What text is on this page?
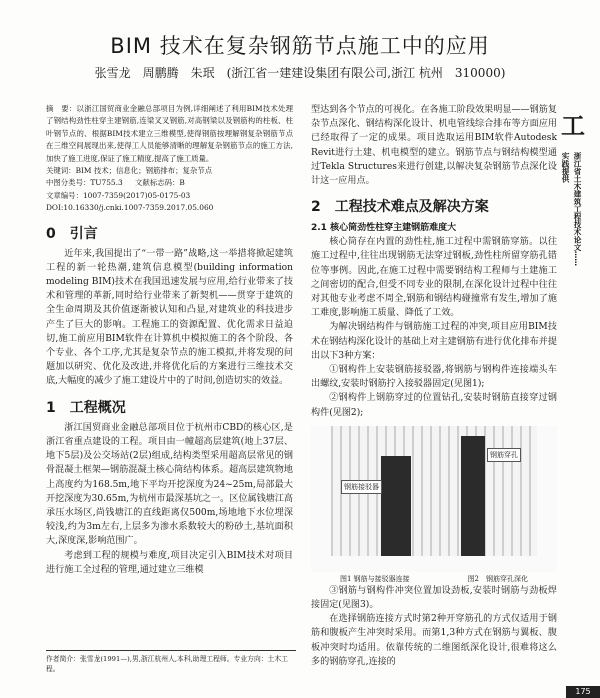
BIM 技术在复杂钢筋节点施工中的应用
张雪龙　周鹏腾　朱珉　(浙江省一建建设集团有限公司,浙江 杭州　310000)
摘　要：以浙江国贸商业金融总部项目为例,详细阐述了利用BIM技术处理了钢结构劲性柱穿主建钢筋,连梁叉叉钢筋,对高钢梁以及钢筋构的柱板、柱叶钢节点的、根据BIM技术建立三维模型,使得钢筋按理解钢复杂钢筋节点在三维空间展现出来,使得工人员能够清晰的理解复杂钢筋节点的施工方法,加快了施工进度,保证了施工精度,提高了施工质量。
关键词：BIM 技术；信息化；钢筋排布；复杂节点
中图分类号：TU755.3 文献标志码：B
文章编号：1007-7359(2017)05-0175-03
DOI:10.16330/j.cnki.1007-7359.2017.05.060
0　引言

近年来,我国提出了“一带一路”战略,这一举措将掀起建筑工程的新一轮热潮,建筑信息模型(building information modeling BIM)技术在我国迅速发展与应用,给行业带来了技术和管理的革新,同时给行业带来了新契机——贯穿于建筑的全生命周期及其价值逐渐被认知和凸显,对建筑业的科技进步产生了巨大的影响。工程施工的资源配置、优化需求日益迫切,施工前应用BIM软件在计算机中模拟施工的各个阶段、各个专业、各个工序,尤其是复杂节点的施工模拟,并将发现的问题加以研究、优化及改进,并将优化后的方案进行三维技术交底,大幅度的减少了施工建设片中的了时间,创造切实的效益。

1　工程概况

浙江国贸商业金融总部项目位于杭州市CBD的核心区,是浙江省重点建设的工程。项目由一幢超高层建筑(地上37层、地下5层)及公交场站(2层)组成,结构类型采用超高层常见的钢骨混凝土框架—钢筋混凝土核心筒结构体系。超高层建筑物地上高度约为168.5m,地下平均开挖深度为24~25m,局部最大开挖深度为30.65m,为杭州市最深基坑之一。区位属钱塘江高承压水场区,尚钱塘江的直线距离仅500m,场地地下水位埋深较浅,约为3m左右,上层多为渗水系数较大的粉砂土,基坑面积大,深度深,影响范围广。

考虑到工程的规模与难度,项目决定引入BIM技术对项目进行施工全过程的管理,通过建立三维模

型达到各个节点的可视化。在各施工阶段效果明显——钢筋复杂节点深化、钢结构深化设计、机电管线综合排布等方面应用已经取得了一定的成果。项目选取运用BIM软件Autodesk Revit进行土建、机电模型的建立。钢筋节点与钢结构模型通过Tekla Structures来进行创建,以解决复杂钢筋节点深化设计这一应用点。

2　工程技术难点及解决方案
2.1 核心筒劲性柱穿主建钢筋难度大

核心筒存在内置的劲性柱,施工过程中需钢筋穿筋。以往施工过程中,往往出现钢筋无法穿过钢板,劲性柱所留穿筋孔错位等事例。因此,在施工过程中需要钢结构工程师与土建施工之间密切的配合,但受不同专业的限制,在深化设计过程中往往对其他专业考虑不周全,钢筋和钢结构碰撞常有发生,增加了施工难度,影响施工质量、降低了工效。

为解决钢结构件与钢筋施工过程的冲突,项目应用BIM技术在钢结构深化设计的基础上对主建钢筋有进行优化排布并提出以下3种方案：

①钢构件上安装钢筋接驳器,将钢筋与钢构件连接端头车出螺纹,安装时钢筋拧入接驳器固定(见图1);

②钢构件上钢筋穿过的位置钻孔,安装时钢筋直接穿过钢构件(见图2);

钢筋接驳器
钢筋穿孔
图1 钢筋与接驳器连接	图2　钢筋穿孔深化

③钢筋与钢构件冲突位置加设劲板,安装时钢筋与劲板焊接固定(见图3)。

在选择钢筋连接方式时第2种开穿筋孔的方式仅适用于钢筋和腹板产生冲突时采用。而第1,3种方式在钢筋与翼板、腹板冲突时均适用。依靠传统的二维图纸深化设计,很难将这么多的钢筋穿孔,连接的

作者简介：张雪龙(1991—),男,浙江杭州人,本科,助理工程师。专业方向：土木工程。
工
浙江省土木建筑工程技术论文……实践提供
175
